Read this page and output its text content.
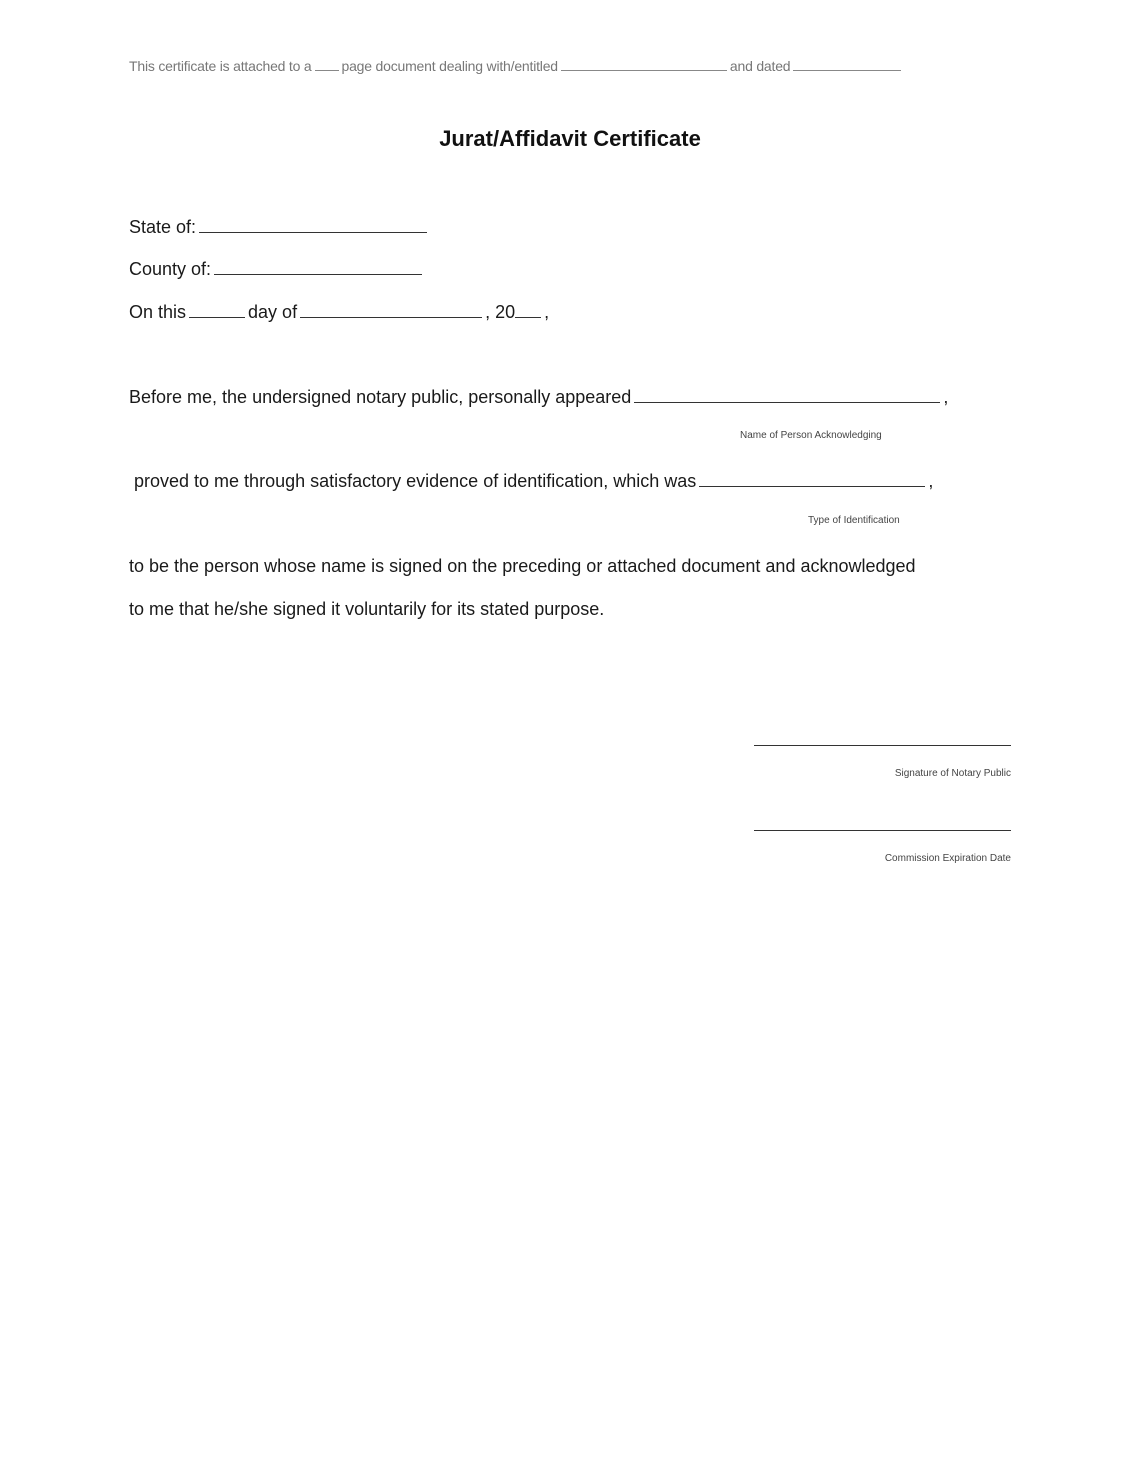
This certificate is attached to a page document dealing with/entitled	and dated
Jurat/Affidavit Certificate
State of:
County of:
On this	day of	, 20 ,
Before me, the undersigned notary public, personally appeared	,
Name of Person Acknowledging
proved to me through satisfactory evidence of identification, which was	,
Type of Identification
to be the person whose name is signed on the preceding or attached document and acknowledged
to me that he/she signed it voluntarily for its stated purpose.
Signature of Notary Public
Commission Expiration Date
